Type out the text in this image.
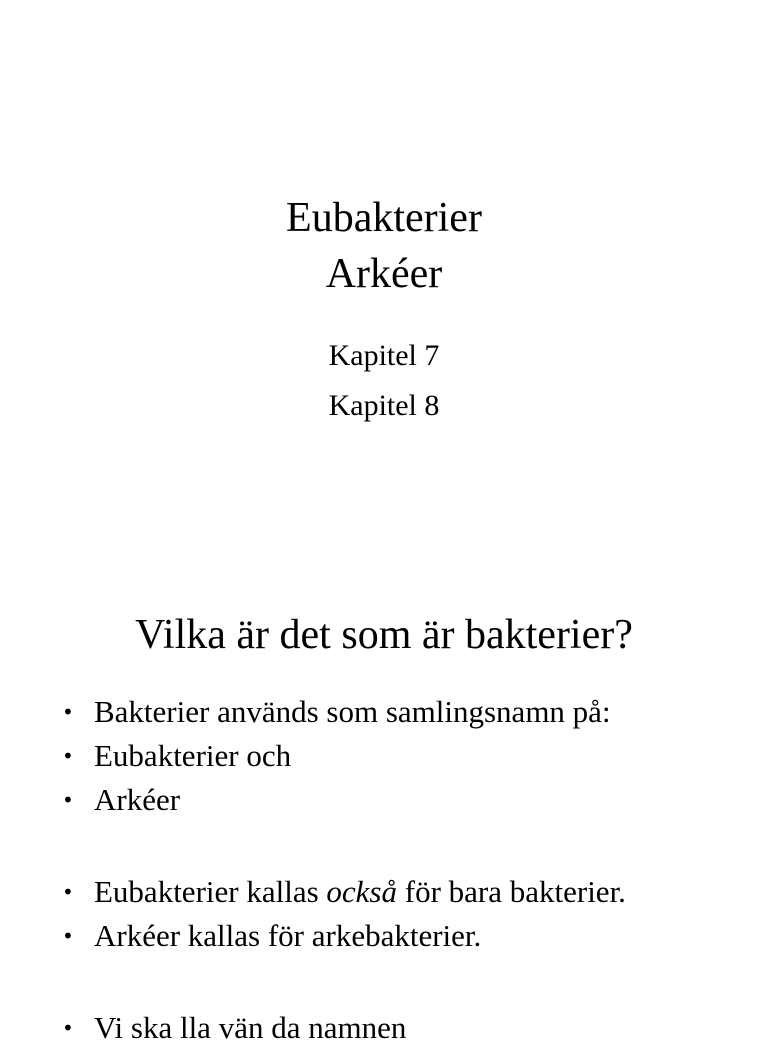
Eubakterier
Arkéer
Kapitel 7
Kapitel 8
Vilka är det som är bakterier?
• Bakterier används som samlingsnamn på:
• Eubakterier och
• Arkéer
• Eubakterier kallas också för bara bakterier.
• Arkéer kallas för arkebakterier.
• Vi ska lla vän da namnen
